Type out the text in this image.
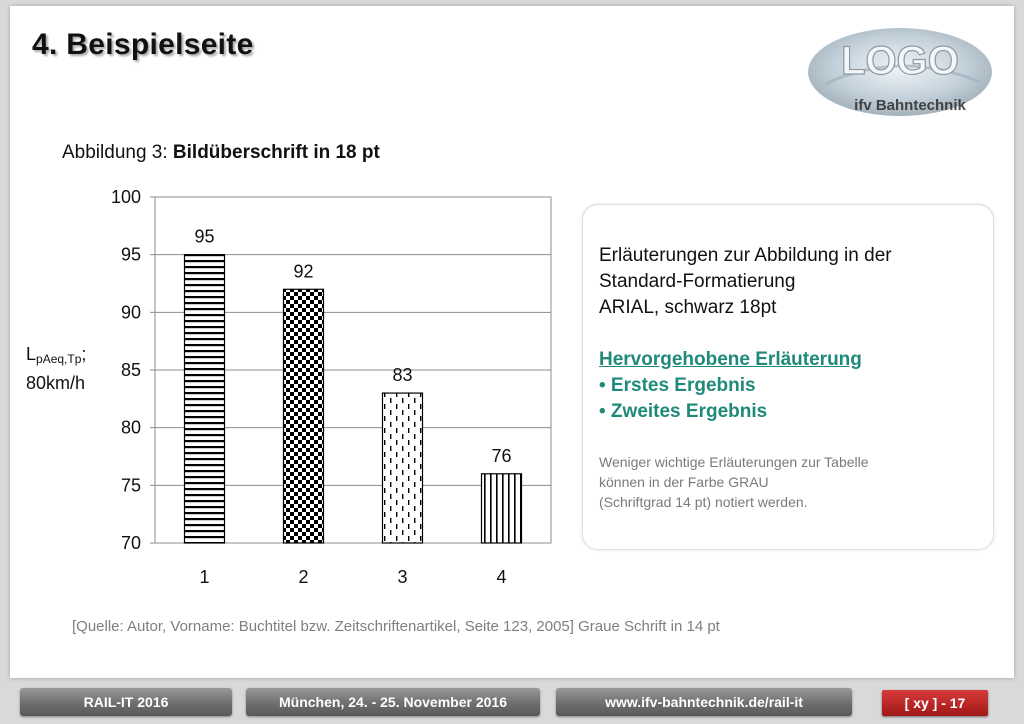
4. Beispielseite	LOGO
ifv Bahntechnik
Abbildung 3: Bildüberschrift in 18 pt
70
75
80
85
90
95
100
95
1
92
2
83
3
76
4
$L_{pAeq,Tp}$;
80km/h
Erläuterungen zur Abbildung in der
Standard-Formatierung
ARIAL, schwarz 18pt
Hervorgehobene Erläuterung
• Erstes Ergebnis
• Zweites Ergebnis
Weniger wichtige Erläuterungen zur Tabelle
können in der Farbe GRAU
(Schriftgrad 14 pt) notiert werden.
[Quelle: Autor, Vorname: Buchtitel bzw. Zeitschriftenartikel, Seite 123, 2005] Graue Schrift in 14 pt
RAIL-IT 2016	München, 24. - 25. November 2016	www.ifv-bahntechnik.de/rail-it	[ xy ] - 17
